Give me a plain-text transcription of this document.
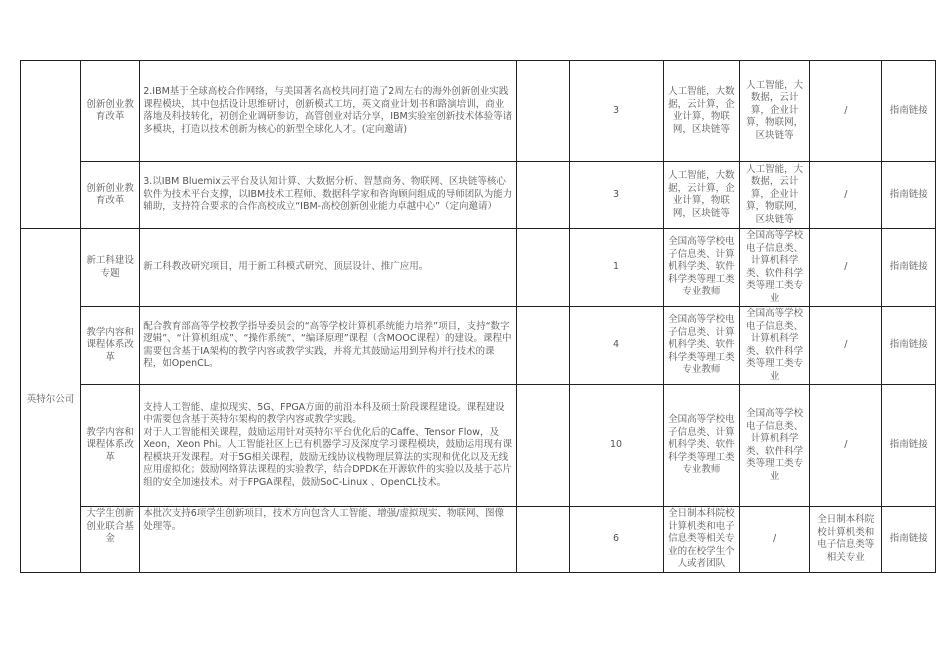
	创新创业教育改革	2.IBM基于全球高校合作网络，与美国著名高校共同打造了2周左右的海外创新创业实践课程模块，其中包括设计思维研讨，创新模式工坊，英文商业计划书和路演培训，商业落地及科技转化，初创企业调研参访，高管创业对话分享，IBM实验室创新技术体验等诸多模块，打造以技术创新为核心的新型全球化人才。(定向邀请)		3	人工智能，大数据，云计算，企业计算，物联网，区块链等	人工智能，大数据，云计算，企业计算，物联网，区块链等	/	指南链接
	创新创业教育改革	3.以IBM Bluemix云平台及认知计算、大数据分析、智慧商务、物联网、区块链等核心软件为技术平台支撑，以IBM技术工程师、数据科学家和咨询顾问组成的导师团队为能力辅助，支持符合要求的合作高校成立“IBM-高校创新创业能力卓越中心”（定向邀请）		3	人工智能，大数据，云计算，企业计算，物联网，区块链等	人工智能，大数据，云计算，企业计算，物联网，区块链等	/	指南链接
英特尔公司	新工科建设专题	新工科教改研究项目，用于新工科模式研究、顶层设计、推广应用。		1	全国高等学校电子信息类、计算机科学类、软件科学类等理工类专业教师	全国高等学校电子信息类、计算机科学类、软件科学类等理工类专业	/	指南链接
	教学内容和课程体系改革	配合教育部高等学校教学指导委员会的“高等学校计算机系统能力培养”项目，支持“数字逻辑”、“计算机组成”、“操作系统”、“编译原理”课程（含MOOC课程）的建设。课程中需要包含基于IA架构的教学内容或教学实践，并将尤其鼓励运用到异构并行技术的课程，如OpenCL。		4	全国高等学校电子信息类、计算机科学类、软件科学类等理工类专业教师	全国高等学校电子信息类、计算机科学类、软件科学类等理工类专业	/	指南链接
	教学内容和课程体系改革	支持人工智能、虚拟现实、5G、FPGA方面的前沿本科及硕士阶段课程建设。课程建设中需要包含基于英特尔架构的教学内容或教学实践。
对于人工智能相关课程，鼓励运用针对英特尔平台优化后的Caffe、Tensor Flow，及Xeon，Xeon Phi。人工智能社区上已有机器学习及深度学习课程模块，鼓励运用现有课程模块开发课程。对于5G相关课程，鼓励无线协议栈物理层算法的实现和优化以及无线应用虚拟化；鼓励网络算法课程的实验教学，结合DPDK在开源软件的实验以及基于芯片组的安全加速技术。对于FPGA课程，鼓励SoC-Linux 、OpenCL技术。		10	全国高等学校电子信息类、计算机科学类、软件科学类等理工类专业教师	全国高等学校电子信息类、计算机科学类、软件科学类等理工类专业	/	指南链接
	大学生创新创业联合基金	本批次支持6项学生创新项目，技术方向包含人工智能、增强/虚拟现实、物联网、图像处理等。		6	全日制本科院校计算机类和电子信息类等相关专业的在校学生个人或者团队	/	全日制本科院校计算机类和电子信息类等相关专业	指南链接
